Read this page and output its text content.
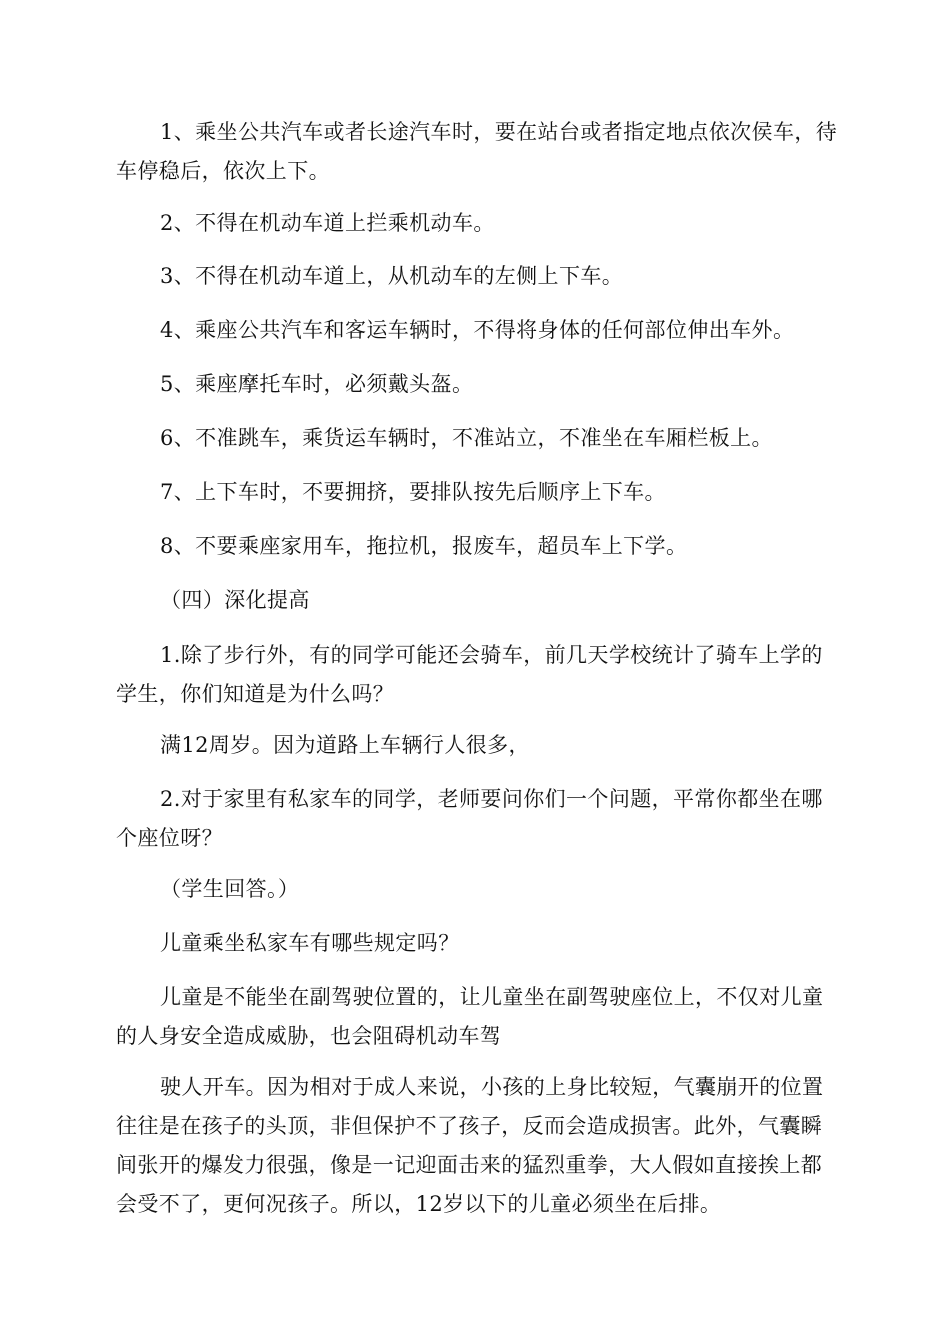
1、乘坐公共汽车或者长途汽车时，要在站台或者指定地点依次侯车，待车停稳后，依次上下。

2、不得在机动车道上拦乘机动车。

3、不得在机动车道上，从机动车的左侧上下车。

4、乘座公共汽车和客运车辆时，不得将身体的任何部位伸出车外。

5、乘座摩托车时，必须戴头盔。

6、不准跳车，乘货运车辆时，不准站立，不准坐在车厢栏板上。

7、上下车时，不要拥挤，要排队按先后顺序上下车。

8、不要乘座家用车，拖拉机，报废车，超员车上下学。

（四）深化提高

1.除了步行外，有的同学可能还会骑车，前几天学校统计了骑车上学的学生，你们知道是为什么吗？

满12周岁。因为道路上车辆行人很多，

2.对于家里有私家车的同学，老师要问你们一个问题，平常你都坐在哪个座位呀？

（学生回答。）

儿童乘坐私家车有哪些规定吗？

儿童是不能坐在副驾驶位置的，让儿童坐在副驾驶座位上，不仅对儿童的人身安全造成威胁，也会阻碍机动车驾

驶人开车。因为相对于成人来说，小孩的上身比较短，气囊崩开的位置往往是在孩子的头顶，非但保护不了孩子，反而会造成损害。此外，气囊瞬间张开的爆发力很强，像是一记迎面击来的猛烈重拳，大人假如直接挨上都会受不了，更何况孩子。所以，12岁以下的儿童必须坐在后排。
